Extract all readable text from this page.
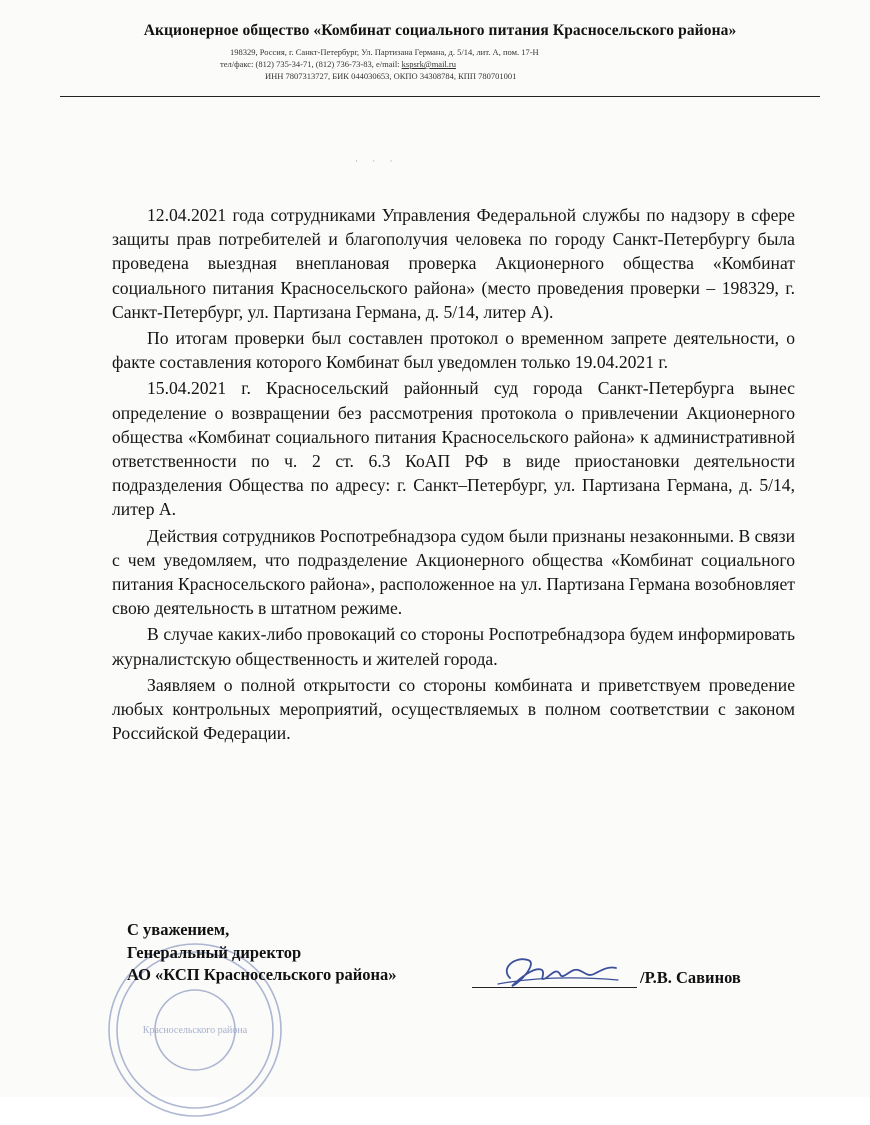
Акционерное общество «Комбинат социального питания Красносельского района»
198329, Россия, г. Санкт-Петербург, Ул. Партизана Германа, д. 5/14, лит. А, пом. 17-Н
тел/факс: (812) 735-34-71, (812) 736-73-83, e/mail: kspsrk@mail.ru
ИНН 7807313727, БИК 044030653, ОКПО 34308784, КПП 780701001
· · ·

12.04.2021 года сотрудниками Управления Федеральной службы по надзору в сфере защиты прав потребителей и благополучия человека по городу Санкт-Петербургу была проведена выездная внеплановая проверка Акционерного общества «Комбинат социального питания Красносельского района» (место проведения проверки – 198329, г. Санкт-Петербург, ул. Партизана Германа, д. 5/14, литер А).

По итогам проверки был составлен протокол о временном запрете деятельности, о факте составления которого Комбинат был уведомлен только 19.04.2021 г.

15.04.2021 г. Красносельский районный суд города Санкт-Петербурга вынес определение о возвращении без рассмотрения протокола о привлечении Акционерного общества «Комбинат социального питания Красносельского района» к административной ответственности по ч. 2 ст. 6.3 КоАП РФ в виде приостановки деятельности подразделения Общества по адресу: г. Санкт–Петербург, ул. Партизана Германа, д. 5/14, литер А.

Действия сотрудников Роспотребнадзора судом были признаны незаконными. В связи с чем уведомляем, что подразделение Акционерного общества «Комбинат социального питания Красносельского района», расположенное на ул. Партизана Германа возобновляет свою деятельность в штатном режиме.

В случае каких-либо провокаций со стороны Роспотребнадзора будем информировать журналистскую общественность и жителей города.

Заявляем о полной открытости со стороны комбината и приветствуем проведение любых контрольных мероприятий, осуществляемых в полном соответствии с законом Российской Федерации.

Красносельского района
С уважением,
Генеральный директор
АО «КСП Красносельского района»	/Р.В. Савинов
